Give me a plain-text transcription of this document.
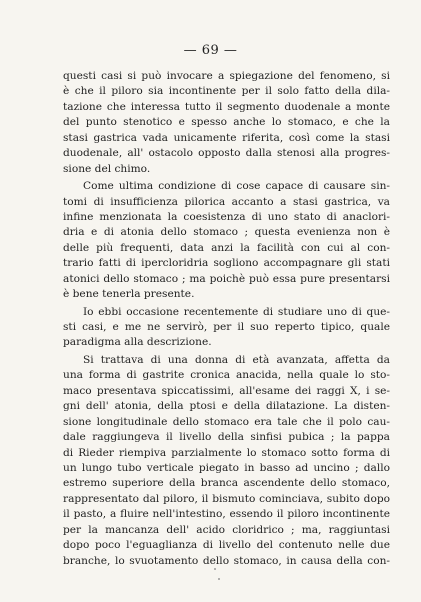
— 69 —
questi casi si può invocare a spiegazione del fenomeno, si
è che il piloro sia incontinente per il solo fatto della dila-
tazione che interessa tutto il segmento duodenale a monte
del punto stenotico e spesso anche lo stomaco, e che la
stasi gastrica vada unicamente riferita, così come la stasi
duodenale, all' ostacolo opposto dalla stenosi alla progres-
sione del chimo.
Come ultima condizione di cose capace di causare sin-
tomi di insufficienza pilorica accanto a stasi gastrica, va
infine menzionata la coesistenza di uno stato di anaclori-
dria e di atonia dello stomaco ; questa evenienza non è
delle più frequenti, data anzi la facilità con cui al con-
trario fatti di ipercloridria sogliono accompagnare gli stati
atonici dello stomaco ; ma poichè può essa pure presentarsi
è bene tenerla presente.
Io ebbi occasione recentemente di studiare uno di que-
sti casi, e me ne servirò, per il suo reperto tipico, quale
paradigma alla descrizione.
Si trattava di una donna di età avanzata, affetta da
una forma di gastrite cronica anacida, nella quale lo sto-
maco presentava spiccatissimi, all'esame dei raggi X, i se-
gni dell' atonia, della ptosi e della dilatazione. La disten-
sione longitudinale dello stomaco era tale che il polo cau-
dale raggiungeva il livello della sinfisi pubica ; la pappa
di Rieder riempiva parzialmente lo stomaco sotto forma di
un lungo tubo verticale piegato in basso ad uncino ; dallo
estremo superiore della branca ascendente dello stomaco,
rappresentato dal piloro, il bismuto cominciava, subito dopo
il pasto, a fluire nell'intestino, essendo il piloro incontinente
per la mancanza dell' acido cloridrico ; ma, raggiuntasi
dopo poco l'eguaglianza di livello del contenuto nelle due
branche, lo svuotamento dello stomaco, in causa della con-
